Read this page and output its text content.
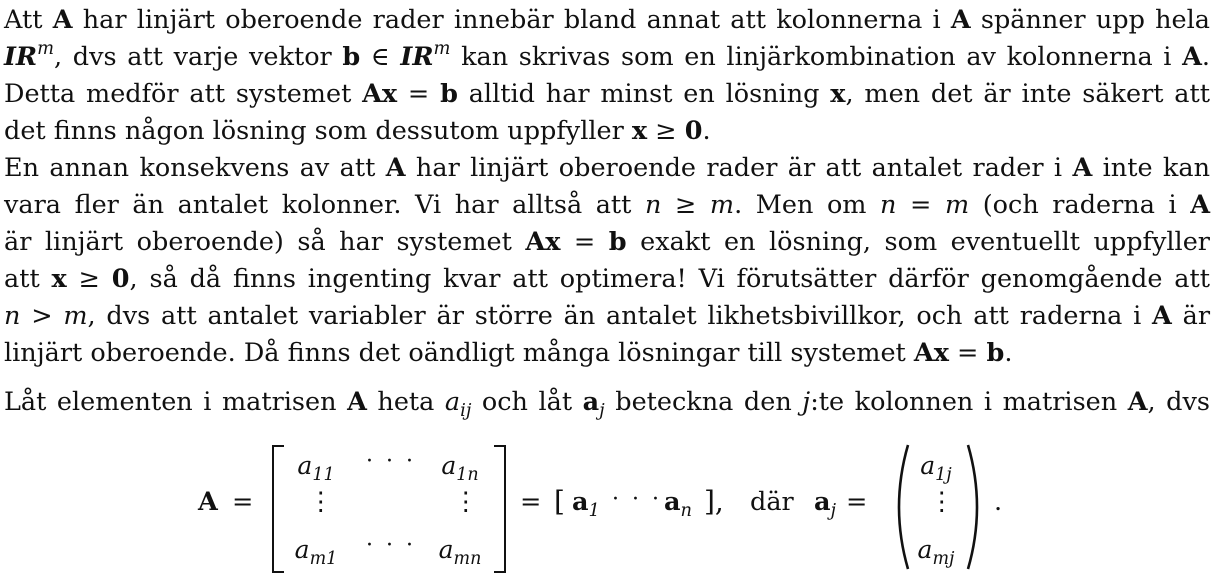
Att A har linjärt oberoende rader innebär bland annat att kolonnerna i A spänner upp hela
$IR^m$, dvs att varje vektor b ∈ $IR^m$ kan skrivas som en linjärkombination av kolonnerna i A.
Detta medför att systemet Ax = b alltid har minst en lösning x, men det är inte säkert att
det finns någon lösning som dessutom uppfyller x ≥ 0.

En annan konsekvens av att A har linjärt oberoende rader är att antalet rader i A inte kan
vara fler än antalet kolonner. Vi har alltså att n ≥ m. Men om n = m (och raderna i A
är linjärt oberoende) så har systemet Ax = b exakt en lösning, som eventuellt uppfyller
att x ≥ 0, så då finns ingenting kvar att optimera! Vi förutsätter därför genomgående att
n > m, dvs att antalet variabler är större än antalet likhetsbivillkor, och att raderna i A är
linjärt oberoende. Då finns det oändligt många lösningar till systemet Ax = b.

Låt elementen i matrisen A heta $a_{ij}$ och låt $a_j$ beteckna den j:te kolonnen i matrisen A, dvs

A =
$a_{11}$
· · ·	$a_{1n}$
⋮	⋮
$a_{m1}$
· · · $a_{mn}$
= [ $a_1$ · · · $a_n$ ], där $a_j$ =
$a_{1j}$
⋮
$a_{mj}$
.
